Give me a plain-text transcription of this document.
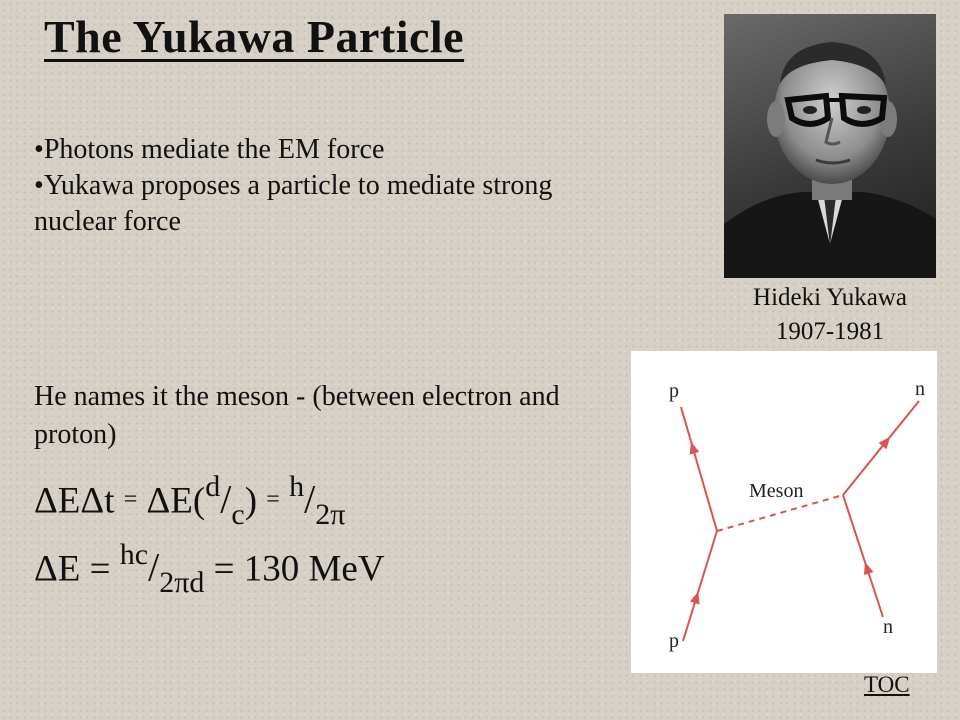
The Yukawa Particle
• Photons mediate the EM force
• Yukawa proposes a particle to mediate strong nuclear force

He names it the meson - (between electron and proton)

$\Delta E\Delta t = \Delta E(^d/_c) = ^h/_{2\pi}$
$\Delta E = ^{hc}/_{2\pi d} = 130$ MeV

Hideki Yukawa

1907-1981

p	n
Meson
p
n
TOC
